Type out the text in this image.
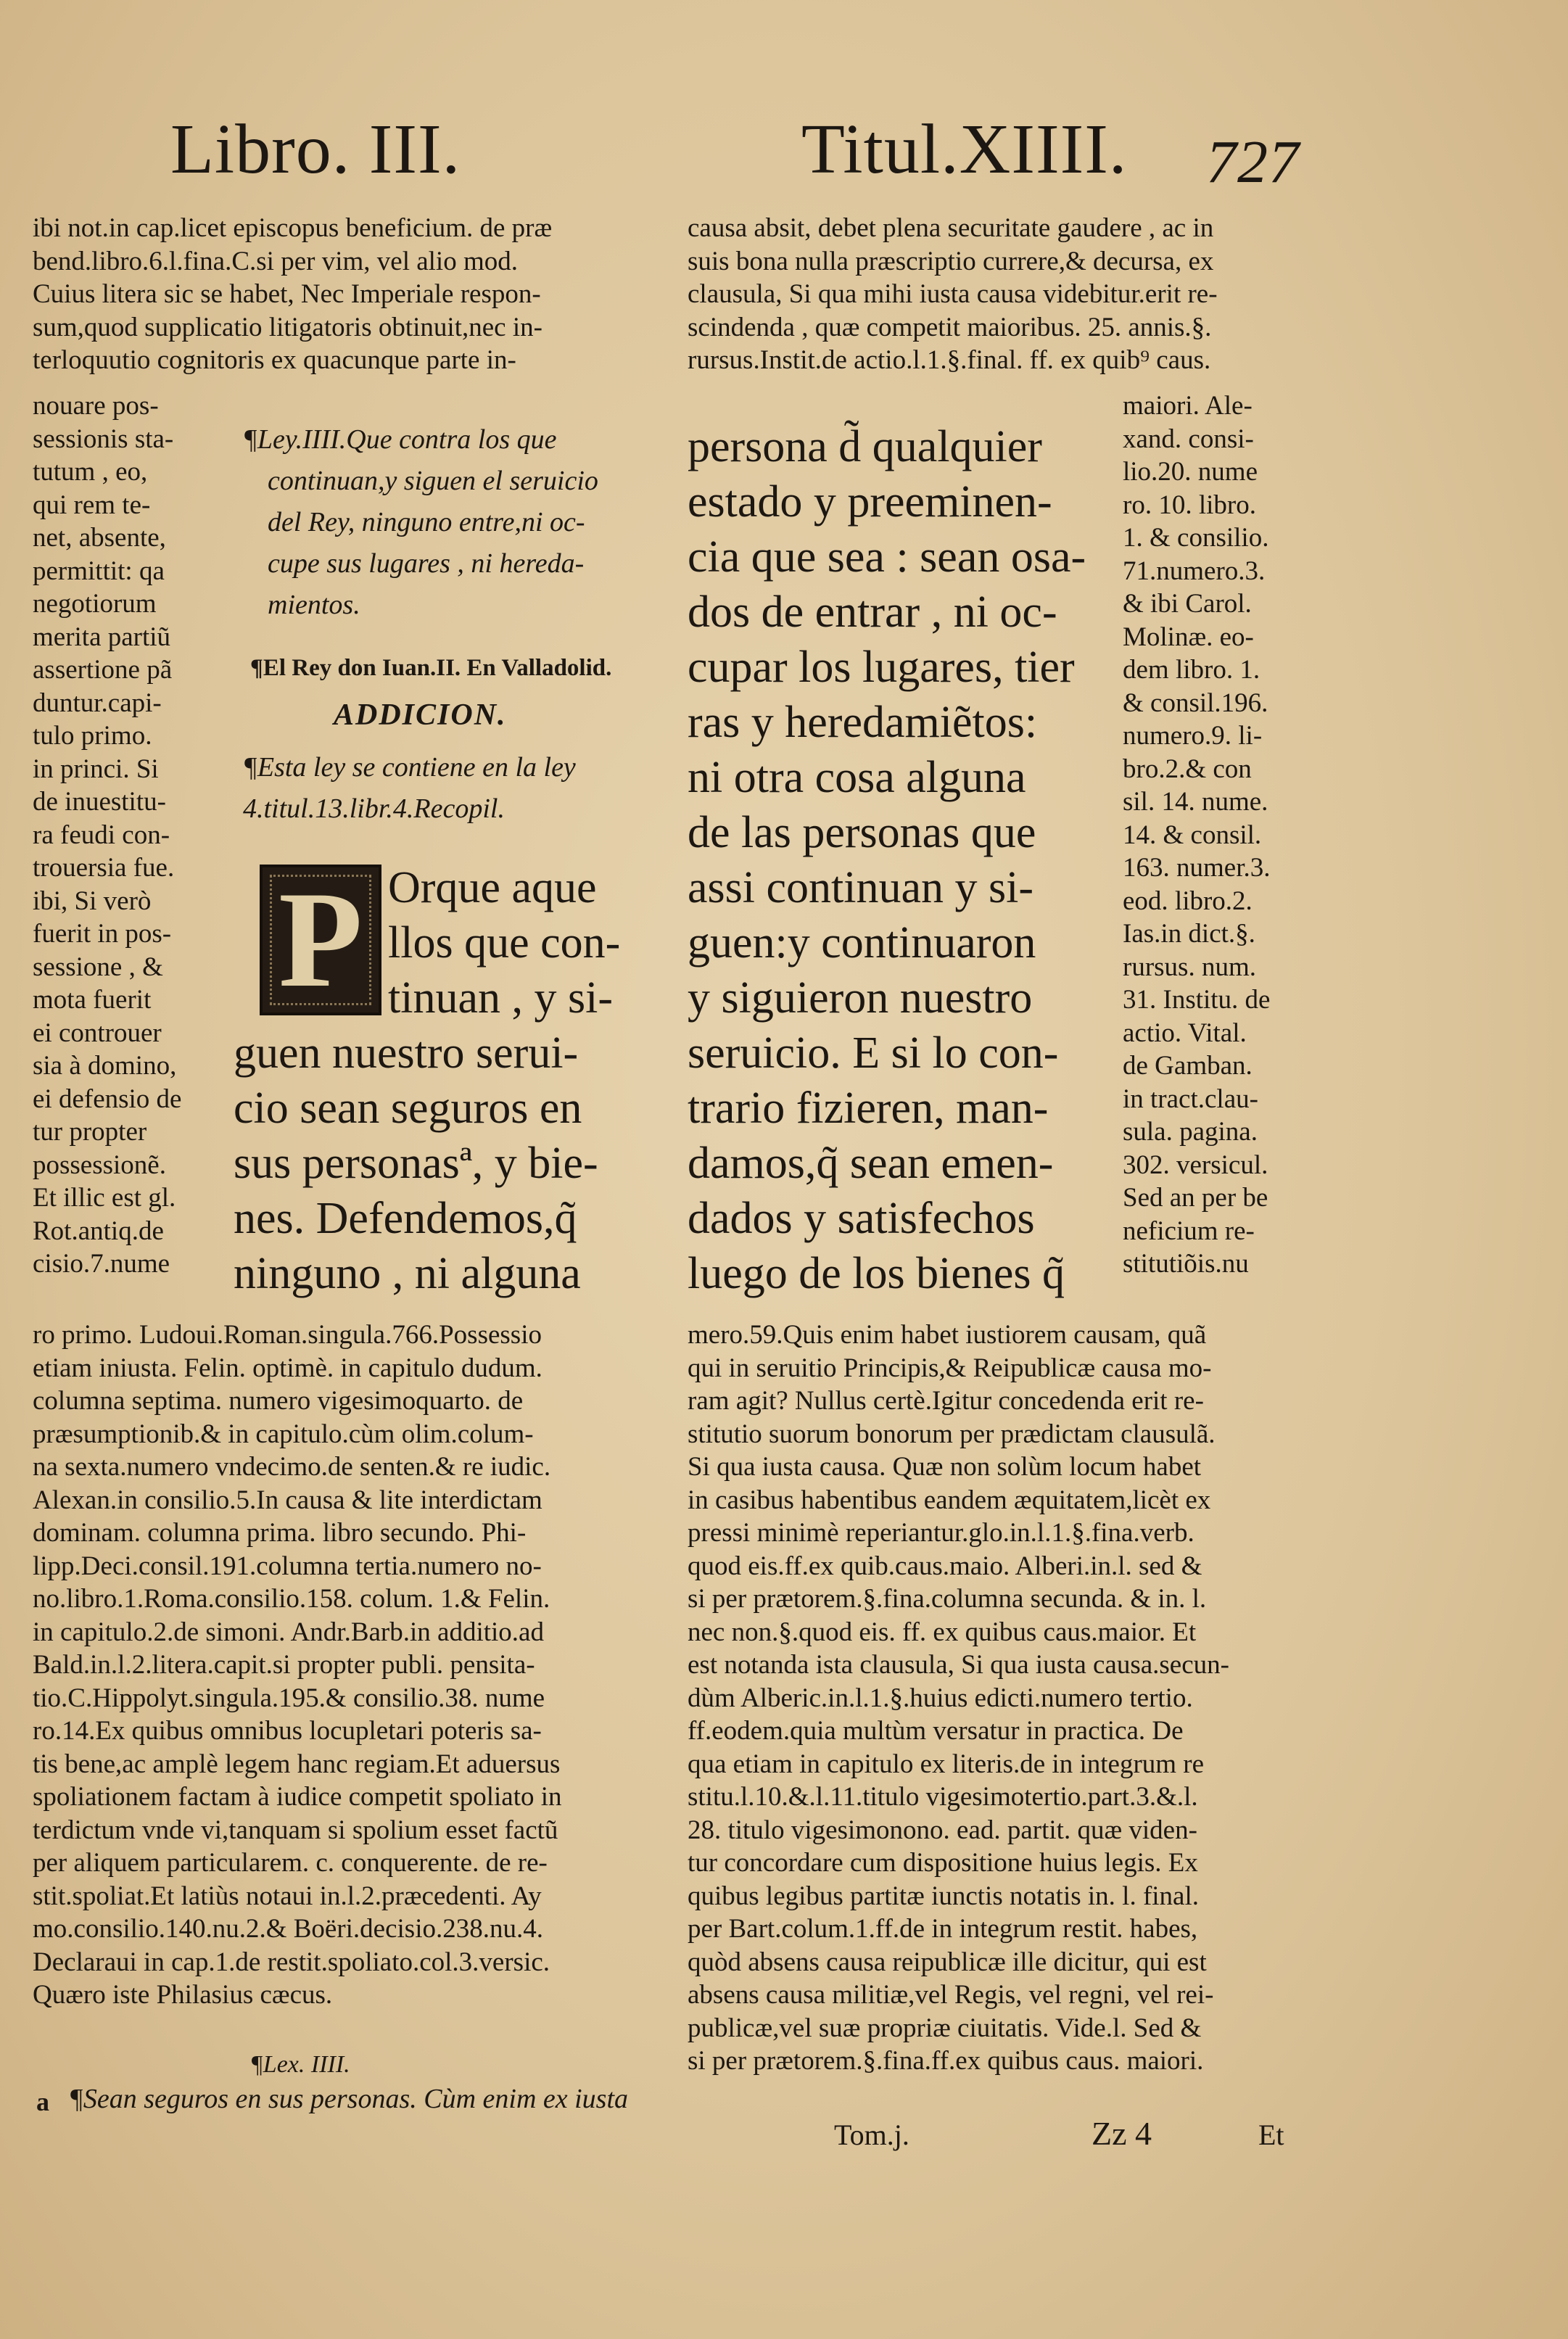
Libro. III.	Titul.XIIII. 727
ibi not.in cap.licet episcopus beneficium. de præ
bend.libro.6.l.fina.C.si per vim, vel alio mod.
Cuius litera sic se habet, Nec Imperiale respon-
sum,quod supplicatio litigatoris obtinuit,nec in-
terloquutio cognitoris ex quacunque parte in-
nouare pos-
sessionis sta-
tutum , eo,
qui rem te-
net, absente,
permittit: qa
negotiorum
merita partiũ
assertione pã
duntur.capi-
tulo primo.
in princi. Si
de inuestitu-
ra feudi con-
trouersia fue.
ibi, Si verò
fuerit in pos-
sessione , &
mota fuerit
ei controuer
sia à domino,
ei defensio de
tur propter
possessionẽ.
Et illic est gl.
Rot.antiq.de
cisio.7.nume
¶Ley.IIII.Que contra los que
continuan,y siguen el seruicio
del Rey, ninguno entre,ni oc-
cupe sus lugares , ni hereda-
mientos.
¶El Rey don Iuan.II. En Valladolid.
ADDICION.
¶Esta ley se contiene en la ley
4.titul.13.libr.4.Recopil.
P Orque aque
llos que con-
tinuan , y si-
guen nuestro serui-
cio sean seguros en
sus personasª, y bie-
nes. Defendemos,q̃
ninguno , ni alguna
causa absit, debet plena securitate gaudere , ac in
suis bona nulla præscriptio currere,& decursa, ex
clausula, Si qua mihi iusta causa videbitur.erit re-
scindenda , quæ competit maioribus. 25. annis.§.
rursus.Instit.de actio.l.1.§.final. ff. ex quib⁹ caus.
persona d̃ qualquier
estado y preeminen-
cia que sea : sean osa-
dos de entrar , ni oc-
cupar los lugares, tier
ras y heredamiẽtos:
ni otra cosa alguna
de las personas que
assi continuan y si-
guen:y continuaron
y siguieron nuestro
seruicio. E si lo con-
trario fizieren, man-
damos,q̃ sean emen-
dados y satisfechos
luego de los bienes q̃
maiori. Ale-
xand. consi-
lio.20. nume
ro. 10. libro.
1. & consilio.
71.numero.3.
& ibi Carol.
Molinæ. eo-
dem libro. 1.
& consil.196.
numero.9. li-
bro.2.& con
sil. 14. nume.
14. & consil.
163. numer.3.
eod. libro.2.
Ias.in dict.§.
rursus. num.
31. Institu. de
actio. Vital.
de Gamban.
in tract.clau-
sula. pagina.
302. versicul.
Sed an per be
neficium re-
stitutiõis.nu
ro primo. Ludoui.Roman.singula.766.Possessio
etiam iniusta. Felin. optimè. in capitulo dudum.
columna septima. numero vigesimoquarto. de
præsumptionib.& in capitulo.cùm olim.colum-
na sexta.numero vndecimo.de senten.& re iudic.
Alexan.in consilio.5.In causa & lite interdictam
dominam. columna prima. libro secundo. Phi-
lipp.Deci.consil.191.columna tertia.numero no-
no.libro.1.Roma.consilio.158. colum. 1.& Felin.
in capitulo.2.de simoni. Andr.Barb.in additio.ad
Bald.in.l.2.litera.capit.si propter publi. pensita-
tio.C.Hippolyt.singula.195.& consilio.38. nume
ro.14.Ex quibus omnibus locupletari poteris sa-
tis bene,ac amplè legem hanc regiam.Et aduersus
spoliationem factam à iudice competit spoliato in
terdictum vnde vi,tanquam si spolium esset factũ
per aliquem particularem. c. conquerente. de re-
stit.spoliat.Et latiùs notaui in.l.2.præcedenti. Ay
mo.consilio.140.nu.2.& Boëri.decisio.238.nu.4.
Declaraui in cap.1.de restit.spoliato.col.3.versic.
Quæro iste Philasius cæcus.
¶Lex. IIII.
a ¶Sean seguros en sus personas. Cùm enim ex iusta
mero.59.Quis enim habet iustiorem causam, quã
qui in seruitio Principis,& Reipublicæ causa mo-
ram agit? Nullus certè.Igitur concedenda erit re-
stitutio suorum bonorum per prædictam clausulã.
Si qua iusta causa. Quæ non solùm locum habet
in casibus habentibus eandem æquitatem,licèt ex
pressi minimè reperiantur.glo.in.l.1.§.fina.verb.
quod eis.ff.ex quib.caus.maio. Alberi.in.l. sed &
si per prætorem.§.fina.columna secunda. & in. l.
nec non.§.quod eis. ff. ex quibus caus.maior. Et
est notanda ista clausula, Si qua iusta causa.secun-
dùm Alberic.in.l.1.§.huius edicti.numero tertio.
ff.eodem.quia multùm versatur in practica. De
qua etiam in capitulo ex literis.de in integrum re
stitu.l.10.&.l.11.titulo vigesimotertio.part.3.&.l.
28. titulo vigesimonono. ead. partit. quæ viden-
tur concordare cum dispositione huius legis. Ex
quibus legibus partitæ iunctis notatis in. l. final.
per Bart.colum.1.ff.de in integrum restit. habes,
quòd absens causa reipublicæ ille dicitur, qui est
absens causa militiæ,vel Regis, vel regni, vel rei-
publicæ,vel suæ propriæ ciuitatis. Vide.l. Sed &
si per prætorem.§.fina.ff.ex quibus caus. maiori.
Tom.j.	Zz 4	Et
